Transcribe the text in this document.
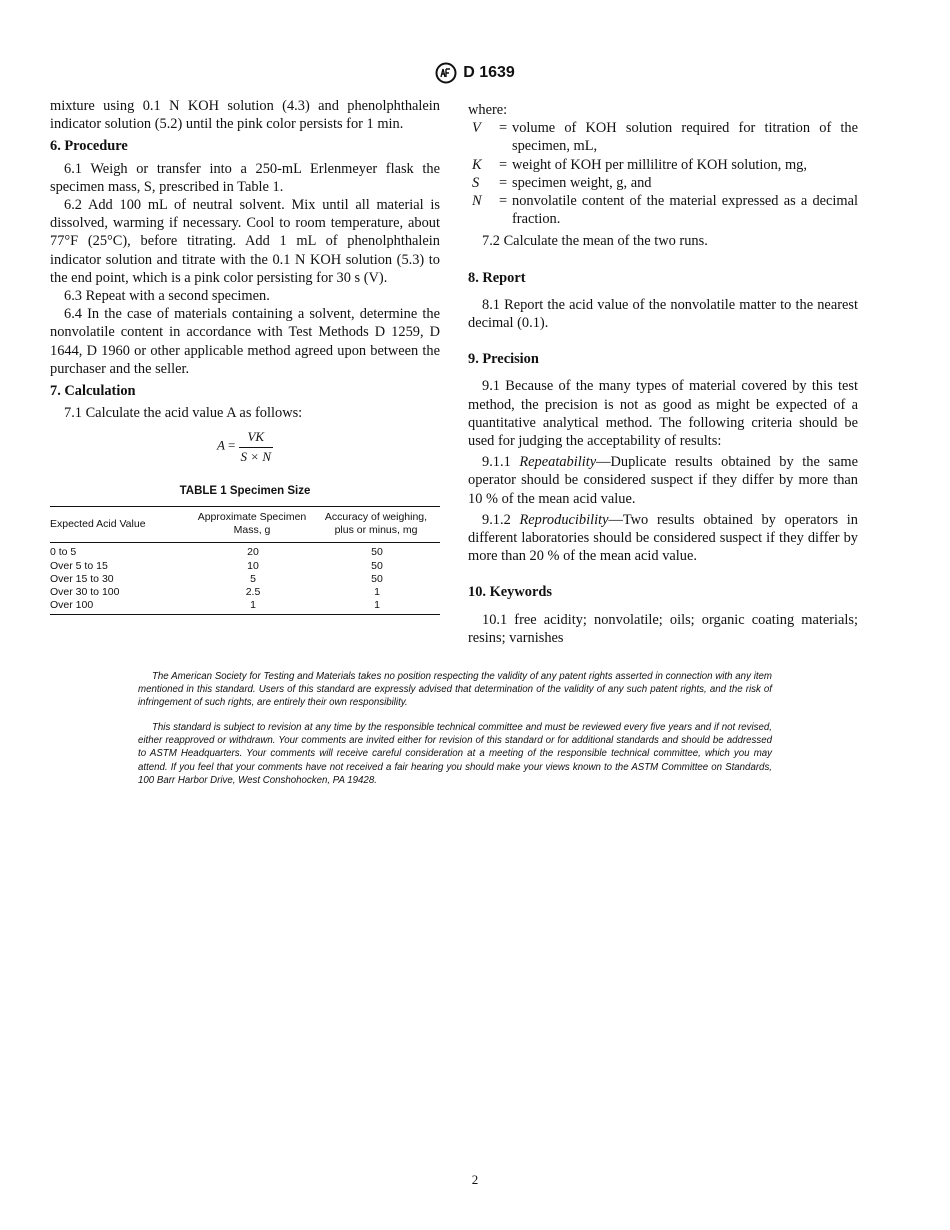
D 1639

mixture using 0.1 N KOH solution (4.3) and phenolphthalein indicator solution (5.2) until the pink color persists for 1 min.

6. Procedure

6.1 Weigh or transfer into a 250-mL Erlenmeyer flask the specimen mass, S, prescribed in Table 1.

6.2 Add 100 mL of neutral solvent. Mix until all material is dissolved, warming if necessary. Cool to room temperature, about 77°F (25°C), before titrating. Add 1 mL of phenolphthalein indicator solution and titrate with the 0.1 N KOH solution (5.3) to the end point, which is a pink color persisting for 30 s (V).

6.3 Repeat with a second specimen.

6.4 In the case of materials containing a solvent, determine the nonvolatile content in accordance with Test Methods D 1259, D 1644, D 1960 or other applicable method agreed upon between the purchaser and the seller.

7. Calculation

7.1 Calculate the acid value A as follows:

$A = \frac{VK}{S \times N}$
TABLE 1 Specimen Size
Expected Acid Value	Approximate Specimen Mass, g	Accuracy of weighing, plus or minus, mg
0 to 5	20	50
Over 5 to 15	10	50
Over 15 to 30	5	50
Over 30 to 100	2.5	1
Over 100	1	1

where:

V	= volume of KOH solution required for titration of the specimen, mL,
K	= weight of KOH per millilitre of KOH solution, mg,
S	= specimen weight, g, and
N	= nonvolatile content of the material expressed as a decimal fraction.

7.2 Calculate the mean of the two runs.

8. Report

8.1 Report the acid value of the nonvolatile matter to the nearest decimal (0.1).

9. Precision

9.1 Because of the many types of material covered by this test method, the precision is not as good as might be expected of a quantitative analytical method. The following criteria should be used for judging the acceptability of results:

9.1.1 Repeatability—Duplicate results obtained by the same operator should be considered suspect if they differ by more than 10 % of the mean acid value.

9.1.2 Reproducibility—Two results obtained by operators in different laboratories should be considered suspect if they differ by more than 20 % of the mean acid value.

10. Keywords

10.1 free acidity; nonvolatile; oils; organic coating materials; resins; varnishes

The American Society for Testing and Materials takes no position respecting the validity of any patent rights asserted in connection with any item mentioned in this standard. Users of this standard are expressly advised that determination of the validity of any such patent rights, and the risk of infringement of such rights, are entirely their own responsibility.

This standard is subject to revision at any time by the responsible technical committee and must be reviewed every five years and if not revised, either reapproved or withdrawn. Your comments are invited either for revision of this standard or for additional standards and should be addressed to ASTM Headquarters. Your comments will receive careful consideration at a meeting of the responsible technical committee, which you may attend. If you feel that your comments have not received a fair hearing you should make your views known to the ASTM Committee on Standards, 100 Barr Harbor Drive, West Conshohocken, PA 19428.

2
